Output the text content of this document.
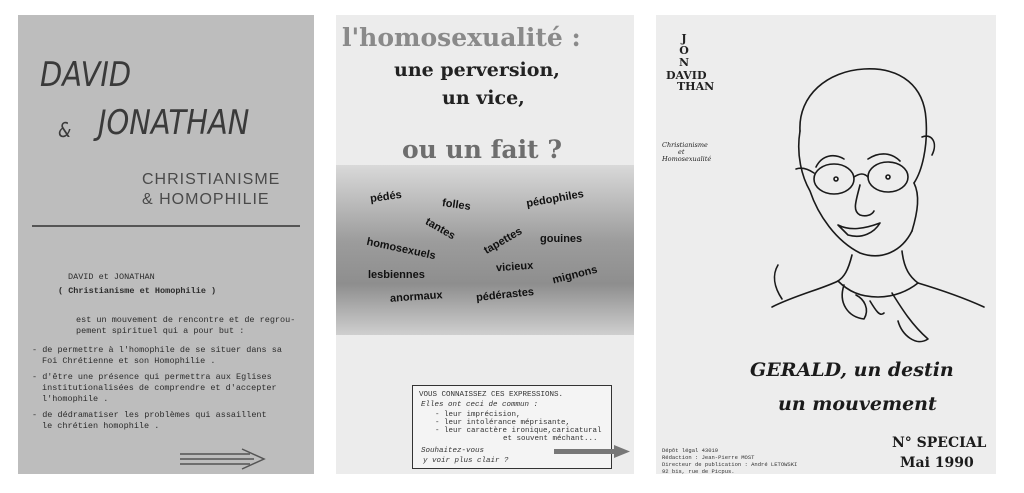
DAVID
& JONATHAN
CHRISTIANISME
& HOMOPHILIE
DAVID et JONATHAN
( Christianisme et Homophilie )
est un mouvement de rencontre et de regrou-
pement spirituel qui a pour but :
- de permettre à l'homophile de se situer dans sa
Foi Chrétienne et son Homophilie .
- d'être une présence qui permettra aux Eglises
institutionalisées de comprendre et d'accepter
l'homophile .
- de dédramatiser les problèmes qui assaillent
le chrétien homophile .
l'homosexualité :
une perversion,
un vice,
ou un fait ?
pédés	folles	pédophiles
tantes
homosexuels	tapettes gouines
vicieux
lesbiennes	mignons
anormaux	pédérastes
VOUS CONNAISSEZ CES EXPRESSIONS.
Elles ont ceci de commun :
- leur imprécision,
- leur intolérance méprisante,
- leur caractère ironique,caricatural
et souvent méchant...
Souhaitez-vous
y voir plus clair ?
JON
DAVID
THAN
Christianisme
et
Homosexualité
GERALD, un destin
un mouvement
Dépôt légal 43019
Rédaction : Jean-Pierre MOST
Directeur de publication : André LETOWSKI
92 bis, rue de Picpus.
N° SPECIAL
Mai 1990
